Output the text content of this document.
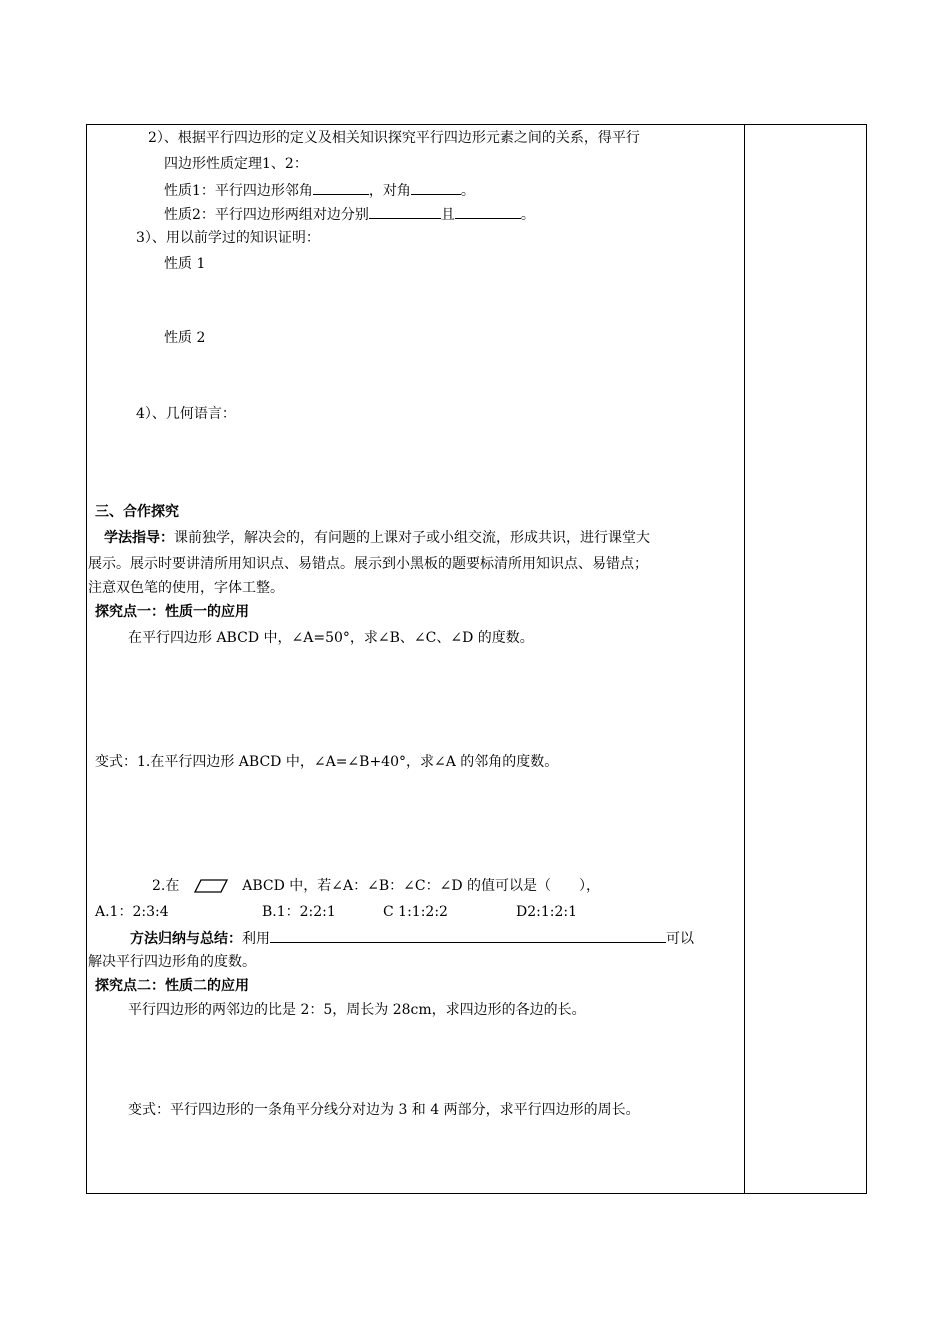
2）、根据平行四边形的定义及相关知识探究平行四边形元素之间的关系，得平行
四边形性质定理1、2：
性质1：平行四边形邻角	，对角	。
性质2：平行四边形两组对边分别	且	。
3）、用以前学过的知识证明：
性质 1
性质 2
4）、几何语言：
三、合作探究
学法指导：课前独学，解决会的，有问题的上课对子或小组交流，形成共识，进行课堂大
展示。展示时要讲清所用知识点、易错点。展示到小黑板的题要标清所用知识点、易错点；
注意双色笔的使用，字体工整。
探究点一：性质一的应用
在平行四边形 ABCD 中，∠A=50°，求∠B、∠C、∠D 的度数。
变式：1.在平行四边形 ABCD 中，∠A=∠B+40°，求∠A 的邻角的度数。
2.在	ABCD 中，若∠A：∠B：∠C：∠D 的值可以是（　　），
A.1：2:3:4	B.1：2:2:1	C 1:1:2:2	D2:1:2:1
方法归纳与总结：利用	可以
解决平行四边形角的度数。
探究点二：性质二的应用
平行四边形的两邻边的比是 2：5，周长为 28cm，求四边形的各边的长。
变式：平行四边形的一条角平分线分对边为 3 和 4 两部分，求平行四边形的周长。
